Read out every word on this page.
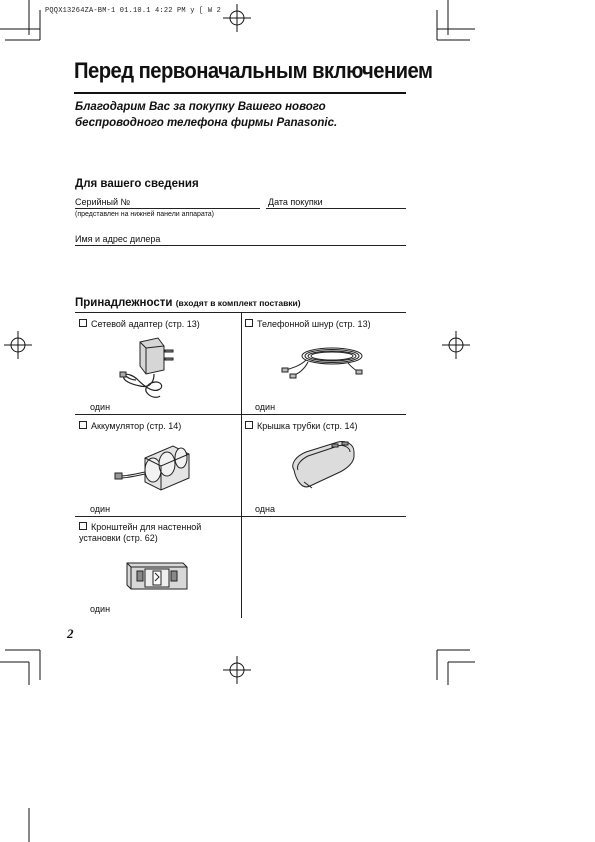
PQQX13264ZA-BM-1 01.10.1 4:22 PM y [ W 2
Перед первоначальным включением
Благодарим Вас за покупку Вашего нового беспроводного телефона фирмы Panasonic.
Для вашего сведения
Серийный №
(представлен на нижней панели аппарата)
Дата покупки
Имя и адрес дилера
Принадлежности (входят в комплект поставки)
Сетевой адаптер (стр. 13)
один
Телефонной шнур (стр. 13)
один
Аккумулятор (стр. 14)
один
Крышка трубки (стр. 14)
одна
Кронштейн для настенной
установки (стр. 62)
один
2
